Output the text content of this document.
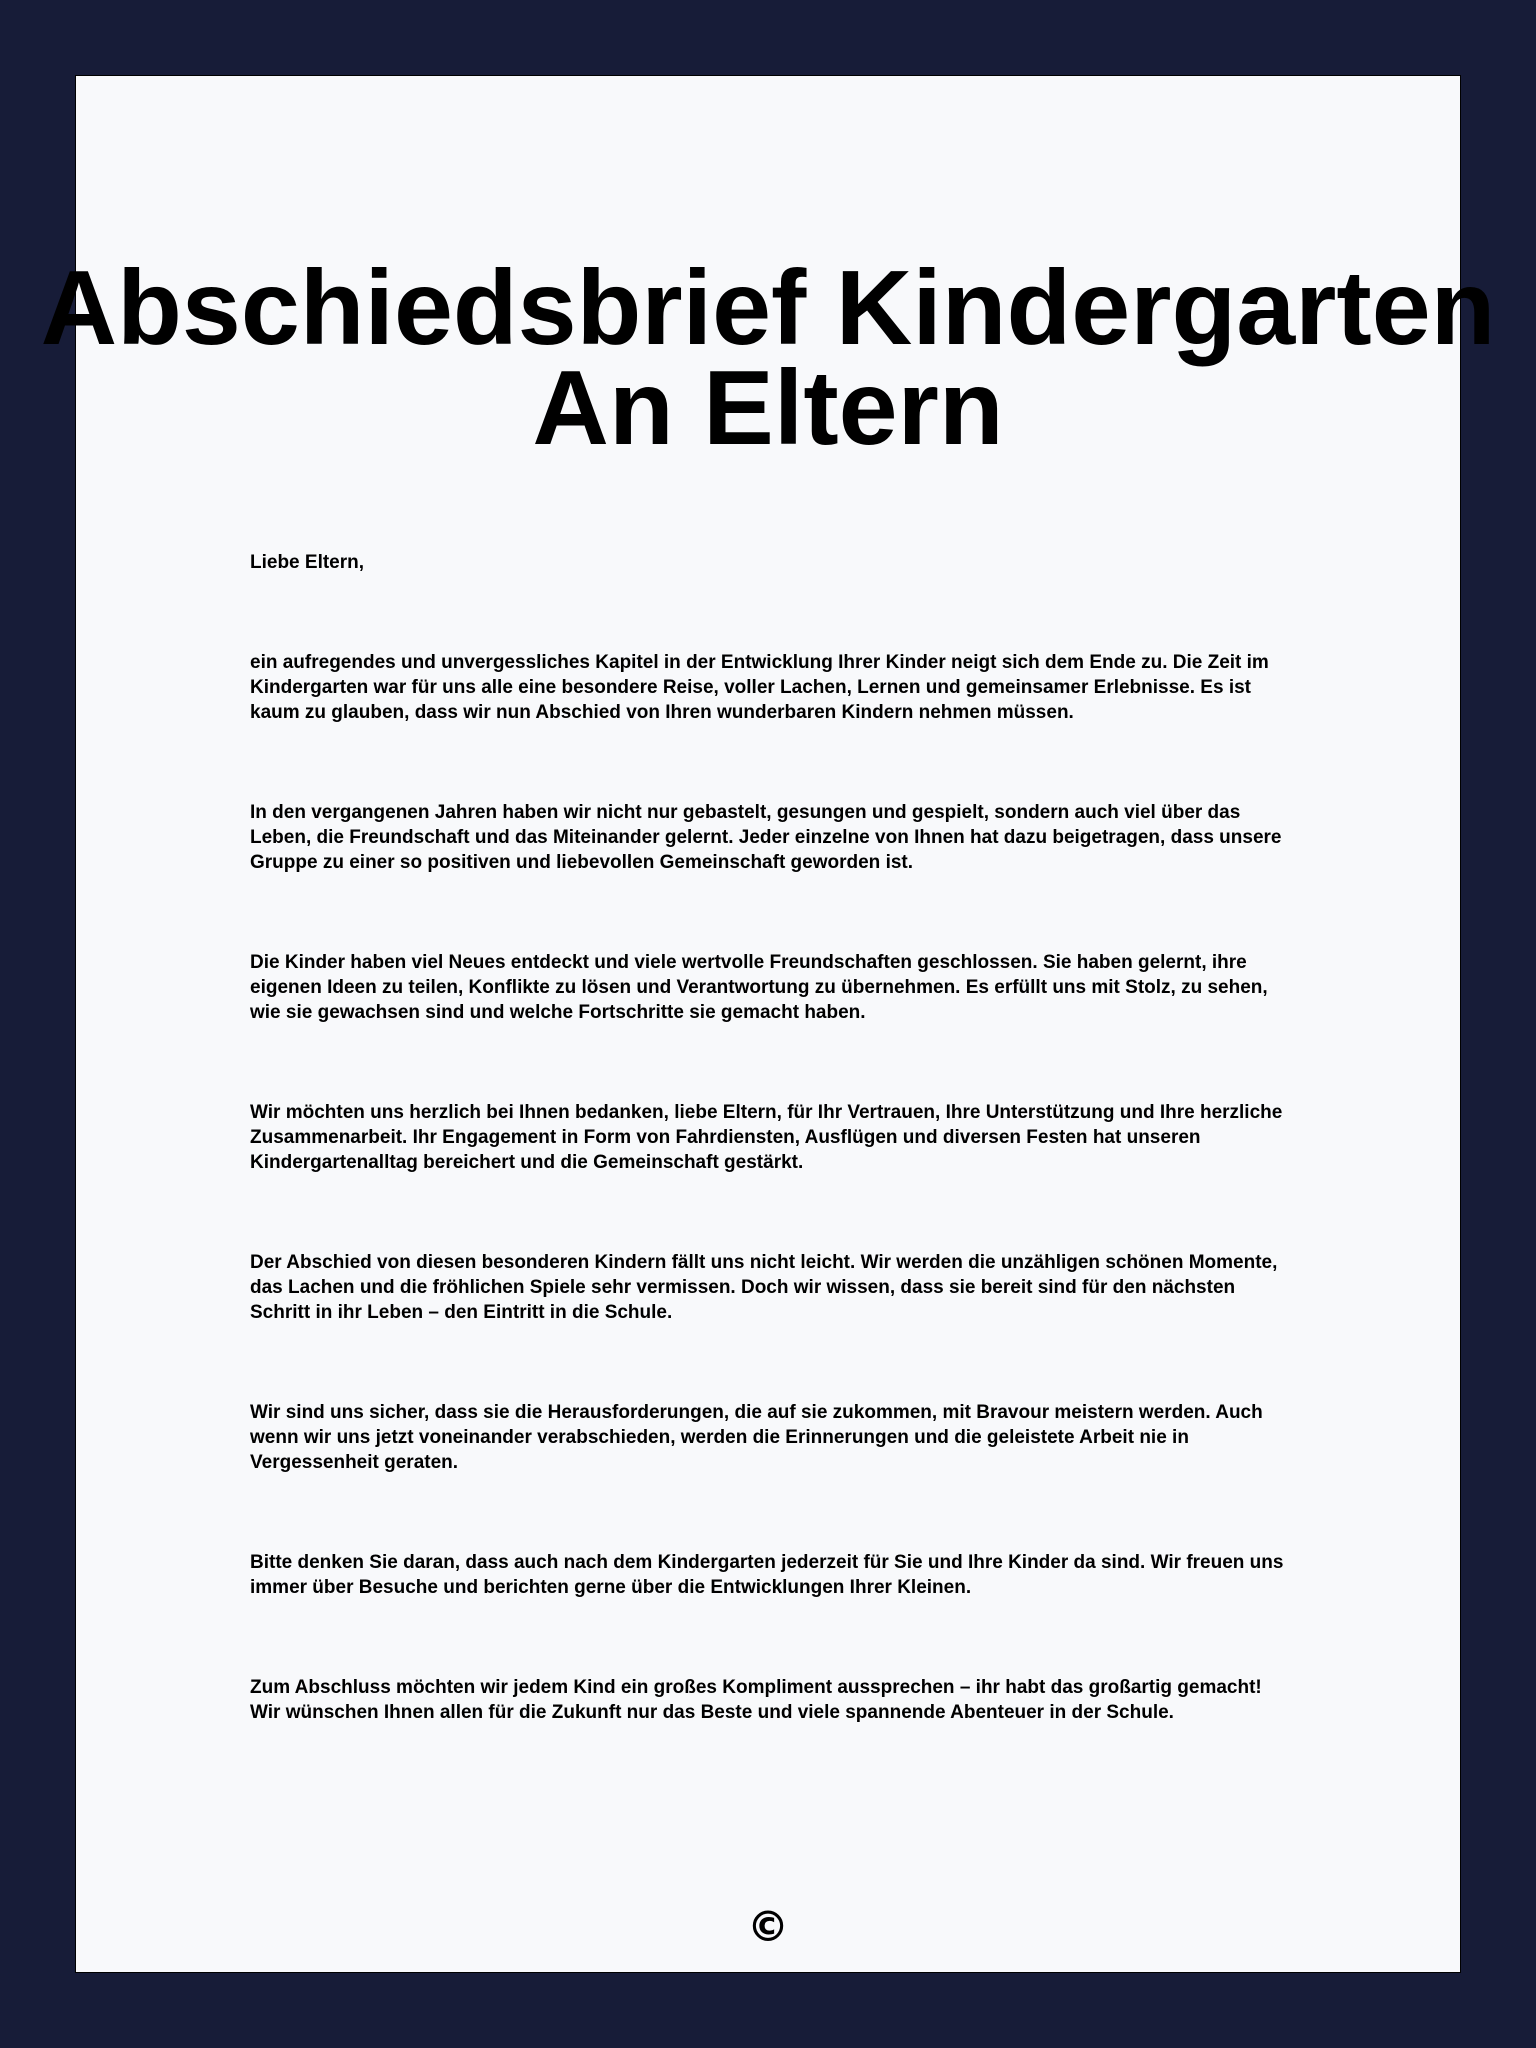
Abschiedsbrief Kindergarten
An Eltern

Liebe Eltern,

ein aufregendes und unvergessliches Kapitel in der Entwicklung Ihrer Kinder neigt sich dem Ende zu. Die Zeit im Kindergarten war für uns alle eine besondere Reise, voller Lachen, Lernen und gemeinsamer Erlebnisse. Es ist kaum zu glauben, dass wir nun Abschied von Ihren wunderbaren Kindern nehmen müssen.

In den vergangenen Jahren haben wir nicht nur gebastelt, gesungen und gespielt, sondern auch viel über das Leben, die Freundschaft und das Miteinander gelernt. Jeder einzelne von Ihnen hat dazu beigetragen, dass unsere Gruppe zu einer so positiven und liebevollen Gemeinschaft geworden ist.

Die Kinder haben viel Neues entdeckt und viele wertvolle Freundschaften geschlossen. Sie haben gelernt, ihre eigenen Ideen zu teilen, Konflikte zu lösen und Verantwortung zu übernehmen. Es erfüllt uns mit Stolz, zu sehen, wie sie gewachsen sind und welche Fortschritte sie gemacht haben.

Wir möchten uns herzlich bei Ihnen bedanken, liebe Eltern, für Ihr Vertrauen, Ihre Unterstützung und Ihre herzliche Zusammenarbeit. Ihr Engagement in Form von Fahrdiensten, Ausflügen und diversen Festen hat unseren Kindergartenalltag bereichert und die Gemeinschaft gestärkt.

Der Abschied von diesen besonderen Kindern fällt uns nicht leicht. Wir werden die unzähligen schönen Momente, das Lachen und die fröhlichen Spiele sehr vermissen. Doch wir wissen, dass sie bereit sind für den nächsten Schritt in ihr Leben – den Eintritt in die Schule.

Wir sind uns sicher, dass sie die Herausforderungen, die auf sie zukommen, mit Bravour meistern werden. Auch wenn wir uns jetzt voneinander verabschieden, werden die Erinnerungen und die geleistete Arbeit nie in Vergessenheit geraten.

Bitte denken Sie daran, dass auch nach dem Kindergarten jederzeit für Sie und Ihre Kinder da sind. Wir freuen uns immer über Besuche und berichten gerne über die Entwicklungen Ihrer Kleinen.

Zum Abschluss möchten wir jedem Kind ein großes Kompliment aussprechen – ihr habt das großartig gemacht! Wir wünschen Ihnen allen für die Zukunft nur das Beste und viele spannende Abenteuer in der Schule.

©
